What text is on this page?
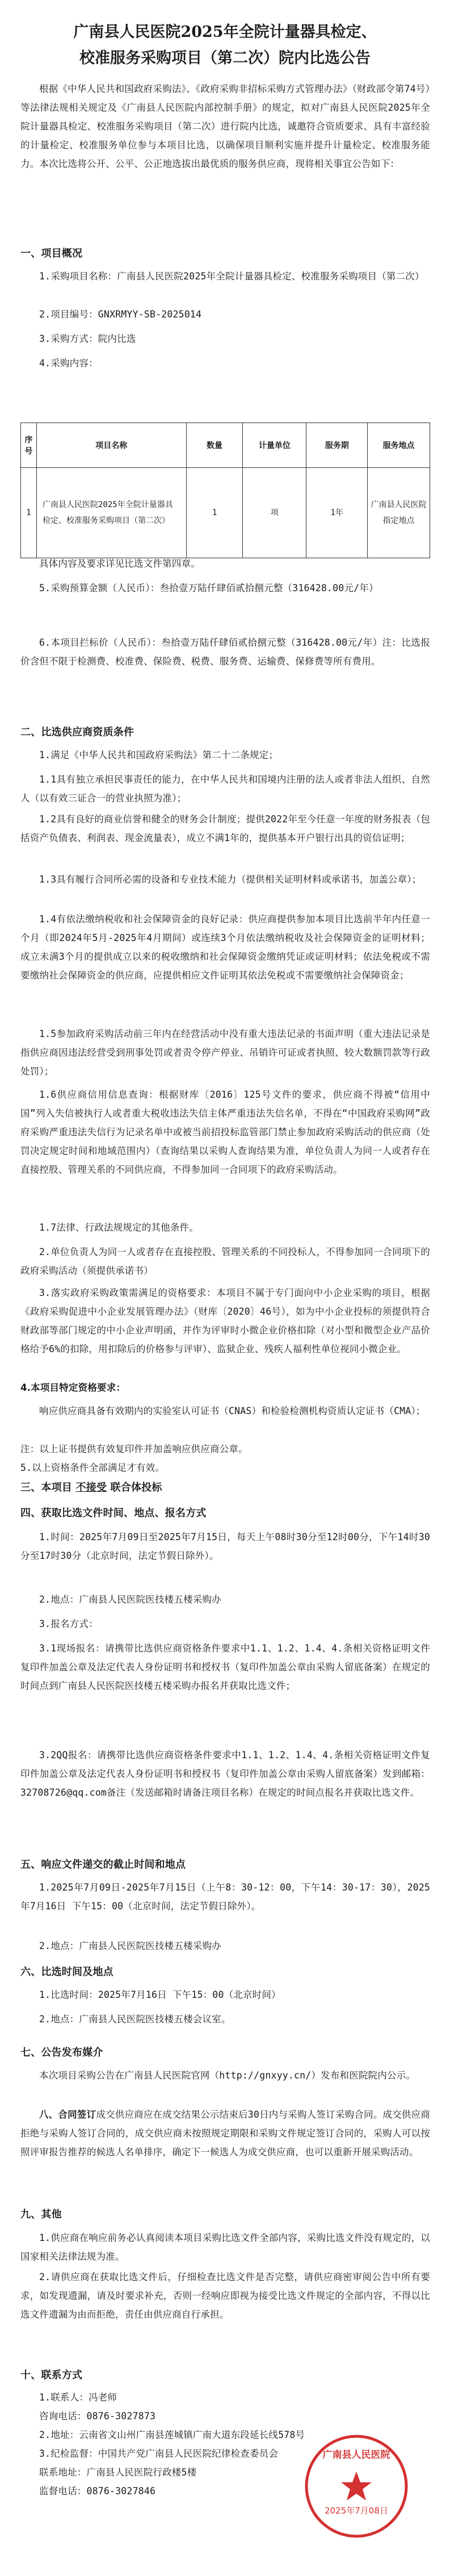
广南县人民医院2025年全院计量器具检定、
校准服务采购项目（第二次）院内比选公告
根据《中华人民共和国政府采购法》、《政府采购非招标采购方式管理办法》（财政部令第74号）等法律法规相关规定及《广南县人民医院内部控制手册》的规定，拟对广南县人民医院2025年全院计量器具检定、校准服务采购项目（第二次）进行院内比选，诚邀符合资质要求、具有丰富经验的计量检定、校准服务单位参与本项目比选，以确保项目顺利实施并提升计量检定、校准服务能力。本次比选将公开、公平、公正地选拔出最优质的服务供应商，现将相关事宜公告如下：
一、项目概况
1.采购项目名称：广南县人民医院2025年全院计量器具检定、校准服务采购项目（第二次）
2.项目编号：GNXRMYY-SB-2025014
3.采购方式：院内比选
4.采购内容：
序号	项目名称	数量	计量单位	服务期	服务地点
1	广南县人民医院2025年全院计量器具检定、校准服务采购项目（第二次）	1	项	1年	广南县人民医院指定地点
具体内容及要求详见比选文件第四章。
5.采购预算金额（人民币）：叁拾壹万陆仟肆佰贰拾捌元整（316428.00元/年）
6.本项目拦标价（人民币）：叁拾壹万陆仟肆佰贰拾捌元整（316428.00元/年）注：比选报价含但不限于检测费、校准费、保险费、税费、服务费、运输费、保修费等所有费用。
二、比选供应商资质条件
1.满足《中华人民共和国政府采购法》第二十二条规定；
1.1具有独立承担民事责任的能力，在中华人民共和国境内注册的法人或者非法人组织、自然人（以有效三证合一的营业执照为准）；
1.2具有良好的商业信誉和健全的财务会计制度；提供2022年至今任意一年度的财务报表（包括资产负债表、利润表、现金流量表），成立不满1年的，提供基本开户银行出具的资信证明；
1.3具有履行合同所必需的设备和专业技术能力（提供相关证明材料或承诺书，加盖公章）；
1.4有依法缴纳税收和社会保障资金的良好记录：供应商提供参加本项目比选前半年内任意一个月（即2024年5月-2025年4月期间）或连续3个月依法缴纳税收及社会保障资金的证明材料；成立未满3个月的提供成立以来的税收缴纳和社会保障资金缴纳凭证或证明材料；依法免税或不需要缴纳社会保障资金的供应商，应提供相应文件证明其依法免税或不需要缴纳社会保障资金；
1.5参加政府采购活动前三年内在经营活动中没有重大违法记录的书面声明（重大违法记录是指供应商因违法经营受到刑事处罚或者责令停产停业、吊销许可证或者执照、较大数额罚款等行政处罚）；
1.6供应商信用信息查询：根据财库〔2016〕125号文件的要求，供应商不得被“信用中国”列入失信被执行人或者重大税收违法失信主体严重违法失信名单，不得在“中国政府采购网”政府采购严重违法失信行为记录名单中或被当前招投标监管部门禁止参加政府采购活动的供应商（处罚决定规定时间和地域范围内）（查询结果以采购人查询结果为准，单位负责人为同一人或者存在直接控股、管理关系的不同供应商，不得参加同一合同项下的政府采购活动。
1.7法律、行政法规规定的其他条件。
2.单位负责人为同一人或者存在直接控股、管理关系的不同投标人，不得参加同一合同项下的政府采购活动（须提供承诺书）
3.落实政府采购政策需满足的资格要求：本项目不属于专门面向中小企业采购的项目，根据《政府采购促进中小企业发展管理办法》（财库〔2020〕46号），如为中小企业投标的须提供符合财政部等部门规定的中小企业声明函，并作为评审时小微企业价格扣除（对小型和微型企业产品价格给予6%的扣除，用扣除后的价格参与评审）、监狱企业、残疾人福利性单位视同小微企业。
4.本项目特定资格要求：
响应供应商具备有效期内的实验室认可证书（CNAS）和检验检测机构资质认定证书（CMA）；
注：以上证书提供有效复印件并加盖响应供应商公章。
5.以上资格条件全部满足才有效。
三、本项目 不接受 联合体投标
四、获取比选文件时间、地点、报名方式
1.时间：2025年7月09日至2025年7月15日，每天上午08时30分至12时00分，下午14时30分至17时30分（北京时间，法定节假日除外）。
2.地点：广南县人民医院医技楼五楼采购办
3.报名方式：
3.1现场报名：请携带比选供应商资格条件要求中1.1、1.2、1.4、4.条相关资格证明文件复印件加盖公章及法定代表人身份证明书和授权书（复印件加盖公章由采购人留底备案）在规定的时间点到广南县人民医院医技楼五楼采购办报名并获取比选文件；
3.2QQ报名：请携带比选供应商资格条件要求中1.1、1.2、1.4、4.条相关资格证明文件复印件加盖公章及法定代表人身份证明书和授权书（复印件加盖公章由采购人留底备案）发到邮箱：32708726@qq.com备注（发送邮箱时请备注项目名称）在规定的时间点报名并获取比选文件。
五、响应文件递交的截止时间和地点
1.2025年7月09日-2025年7月15日（上午8：30-12：00，下午14：30-17：30），2025年7月16日 下午15：00（北京时间，法定节假日除外）。
2.地点：广南县人民医院医技楼五楼采购办
六、比选时间及地点
1.比选时间：2025年7月16日 下午15：00（北京时间）
2.地点：广南县人民医院医技楼五楼会议室。
七、公告发布媒介
本次项目采购公告在广南县人民医院官网（http://gnxyy.cn/）发布和医院院内公示。
八、合同签订成交供应商应在成交结果公示结束后30日内与采购人签订采购合同。成交供应商拒绝与采购人签订合同的，成交供应商未按照规定期限和采购文件规定签订合同的，采购人可以按照评审报告推荐的候选人名单排序，确定下一候选人为成交供应商，也可以重新开展采购活动。
九、其他
1.供应商在响应前务必认真阅读本项目采购比选文件全部内容，采购比选文件没有规定的，以国家相关法律法规为准。
2.请供应商在获取比选文件后，仔细检查比选文件是否完整，请供应商密审阅公告中所有要求，如发现遗漏，请及时要求补充，否则一经响应即视为接受比选文件规定的全部内容，不得以比选文件遗漏为由而拒绝，责任由供应商自行承担。
十、联系方式
1.联系人：冯老师
咨询电话：0876-3027873
2.地址：云南省文山州广南县莲城镇广南大道东段延长线578号
3.纪检监督：中国共产党广南县人民医院纪律检查委员会
联系地址：广南县人民医院行政楼5楼
监督电话：0876-3027846
广南县人民医院
2025年7月08日
